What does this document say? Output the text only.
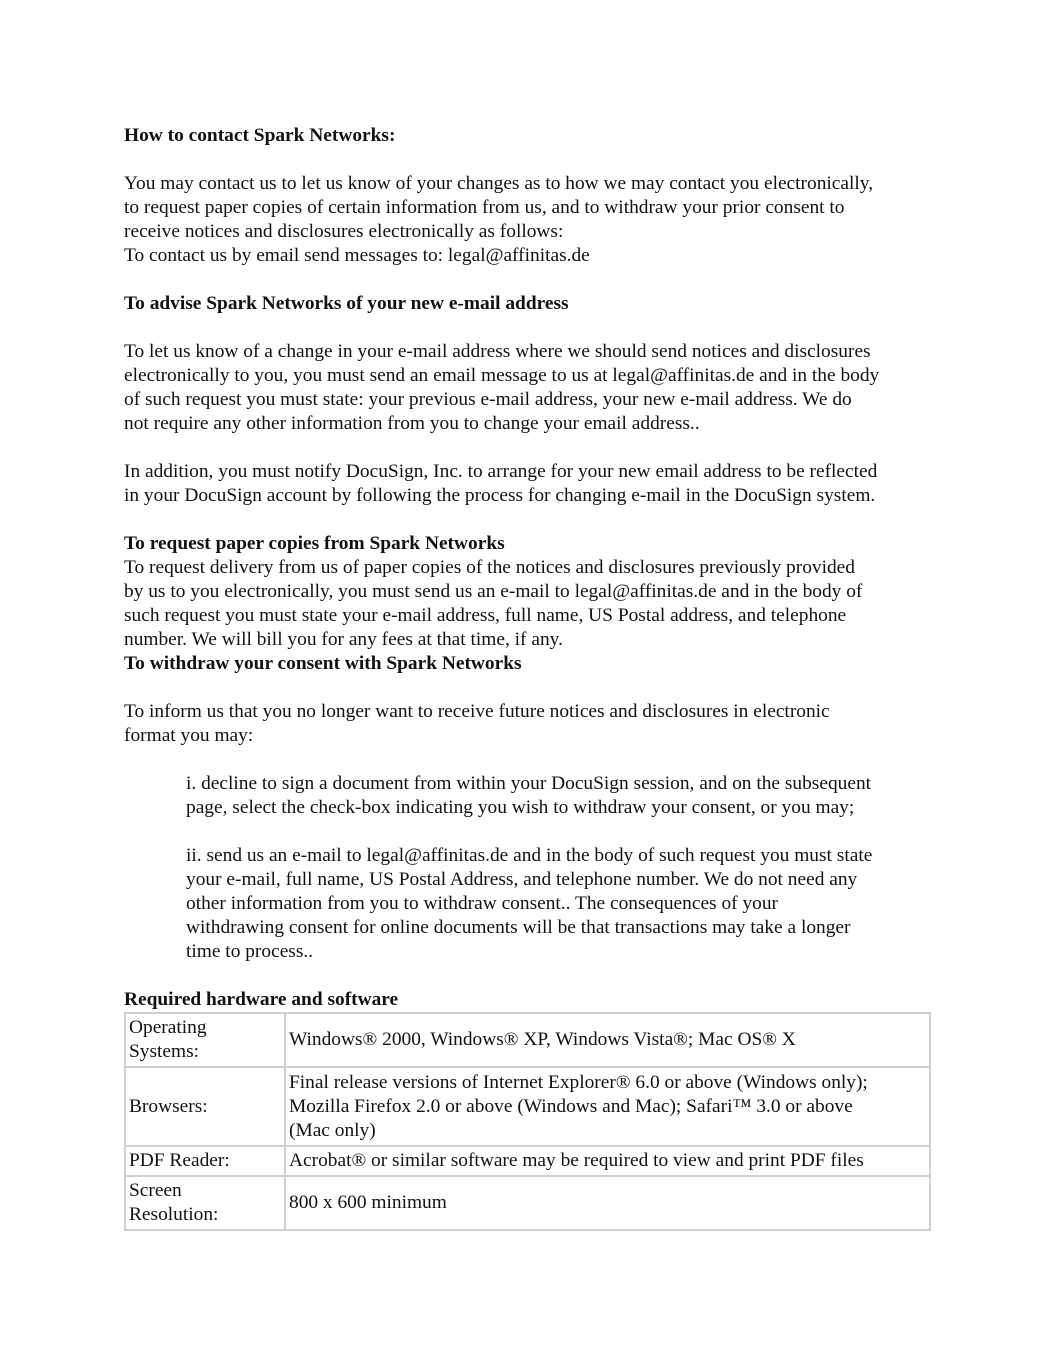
How to contact Spark Networks:

You may contact us to let us know of your changes as to how we may contact you electronically,
to request paper copies of certain information from us, and to withdraw your prior consent to
receive notices and disclosures electronically as follows:
To contact us by email send messages to: legal@affinitas.de

To advise Spark Networks of your new e-mail address

To let us know of a change in your e-mail address where we should send notices and disclosures
electronically to you, you must send an email message to us at legal@affinitas.de and in the body
of such request you must state: your previous e-mail address, your new e-mail address. We do
not require any other information from you to change your email address..
In addition, you must notify DocuSign, Inc. to arrange for your new email address to be reflected
in your DocuSign account by following the process for changing e-mail in the DocuSign system.

To request paper copies from Spark Networks

To request delivery from us of paper copies of the notices and disclosures previously provided
by us to you electronically, you must send us an e-mail to legal@affinitas.de and in the body of
such request you must state your e-mail address, full name, US Postal address, and telephone
number. We will bill you for any fees at that time, if any.

To withdraw your consent with Spark Networks

To inform us that you no longer want to receive future notices and disclosures in electronic
format you may:
i. decline to sign a document from within your DocuSign session, and on the subsequent
page, select the check-box indicating you wish to withdraw your consent, or you may;
ii. send us an e-mail to legal@affinitas.de and in the body of such request you must state
your e-mail, full name, US Postal Address, and telephone number. We do not need any
other information from you to withdraw consent.. The consequences of your
withdrawing consent for online documents will be that transactions may take a longer
time to process..

Required hardware and software

Operating
Systems:	Windows® 2000, Windows® XP, Windows Vista®; Mac OS® X

Browsers:	Final release versions of Internet Explorer® 6.0 or above (Windows only);
Mozilla Firefox 2.0 or above (Windows and Mac); Safari™ 3.0 or above
(Mac only)

PDF Reader:	Acrobat® or similar software may be required to view and print PDF files

Screen
Resolution:	800 x 600 minimum
